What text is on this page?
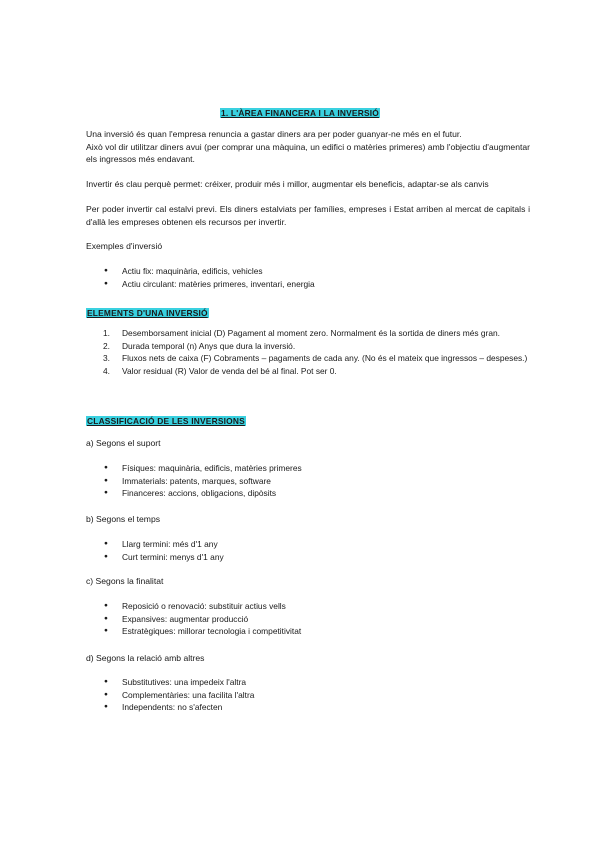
1. L'ÀREA FINANCERA I LA INVERSIÓ
Una inversió és quan l'empresa renuncia a gastar diners ara per poder guanyar-ne més en el futur.
Això vol dir utilitzar diners avui (per comprar una màquina, un edifici o matèries primeres) amb l'objectiu d'augmentar els ingressos més endavant.
Invertir és clau perquè permet: créixer, produir més i millor, augmentar els beneficis, adaptar-se als canvis
Per poder invertir cal estalvi previ. Els diners estalviats per famílies, empreses i Estat arriben al mercat de capitals i d'allà les empreses obtenen els recursos per invertir.
Exemples d'inversió
● Actiu fix: maquinària, edificis, vehicles
● Actiu circulant: matèries primeres, inventari, energia
ELEMENTS D'UNA INVERSIÓ
1. Desemborsament inicial (D) Pagament al moment zero. Normalment és la sortida de diners més gran.
2. Durada temporal (n) Anys que dura la inversió.
3. Fluxos nets de caixa (F) Cobraments – pagaments de cada any. (No és el mateix que ingressos – despeses.)
4. Valor residual (R) Valor de venda del bé al final. Pot ser 0.
CLASSIFICACIÓ DE LES INVERSIONS
a) Segons el suport
● Físiques: maquinària, edificis, matèries primeres
● Immaterials: patents, marques, software
● Financeres: accions, obligacions, dipòsits
b) Segons el temps
● Llarg termini: més d'1 any
● Curt termini: menys d'1 any
c) Segons la finalitat
● Reposició o renovació: substituir actius vells
● Expansives: augmentar producció
● Estratègiques: millorar tecnologia i competitivitat
d) Segons la relació amb altres
● Substitutives: una impedeix l'altra
● Complementàries: una facilita l'altra
● Independents: no s'afecten
